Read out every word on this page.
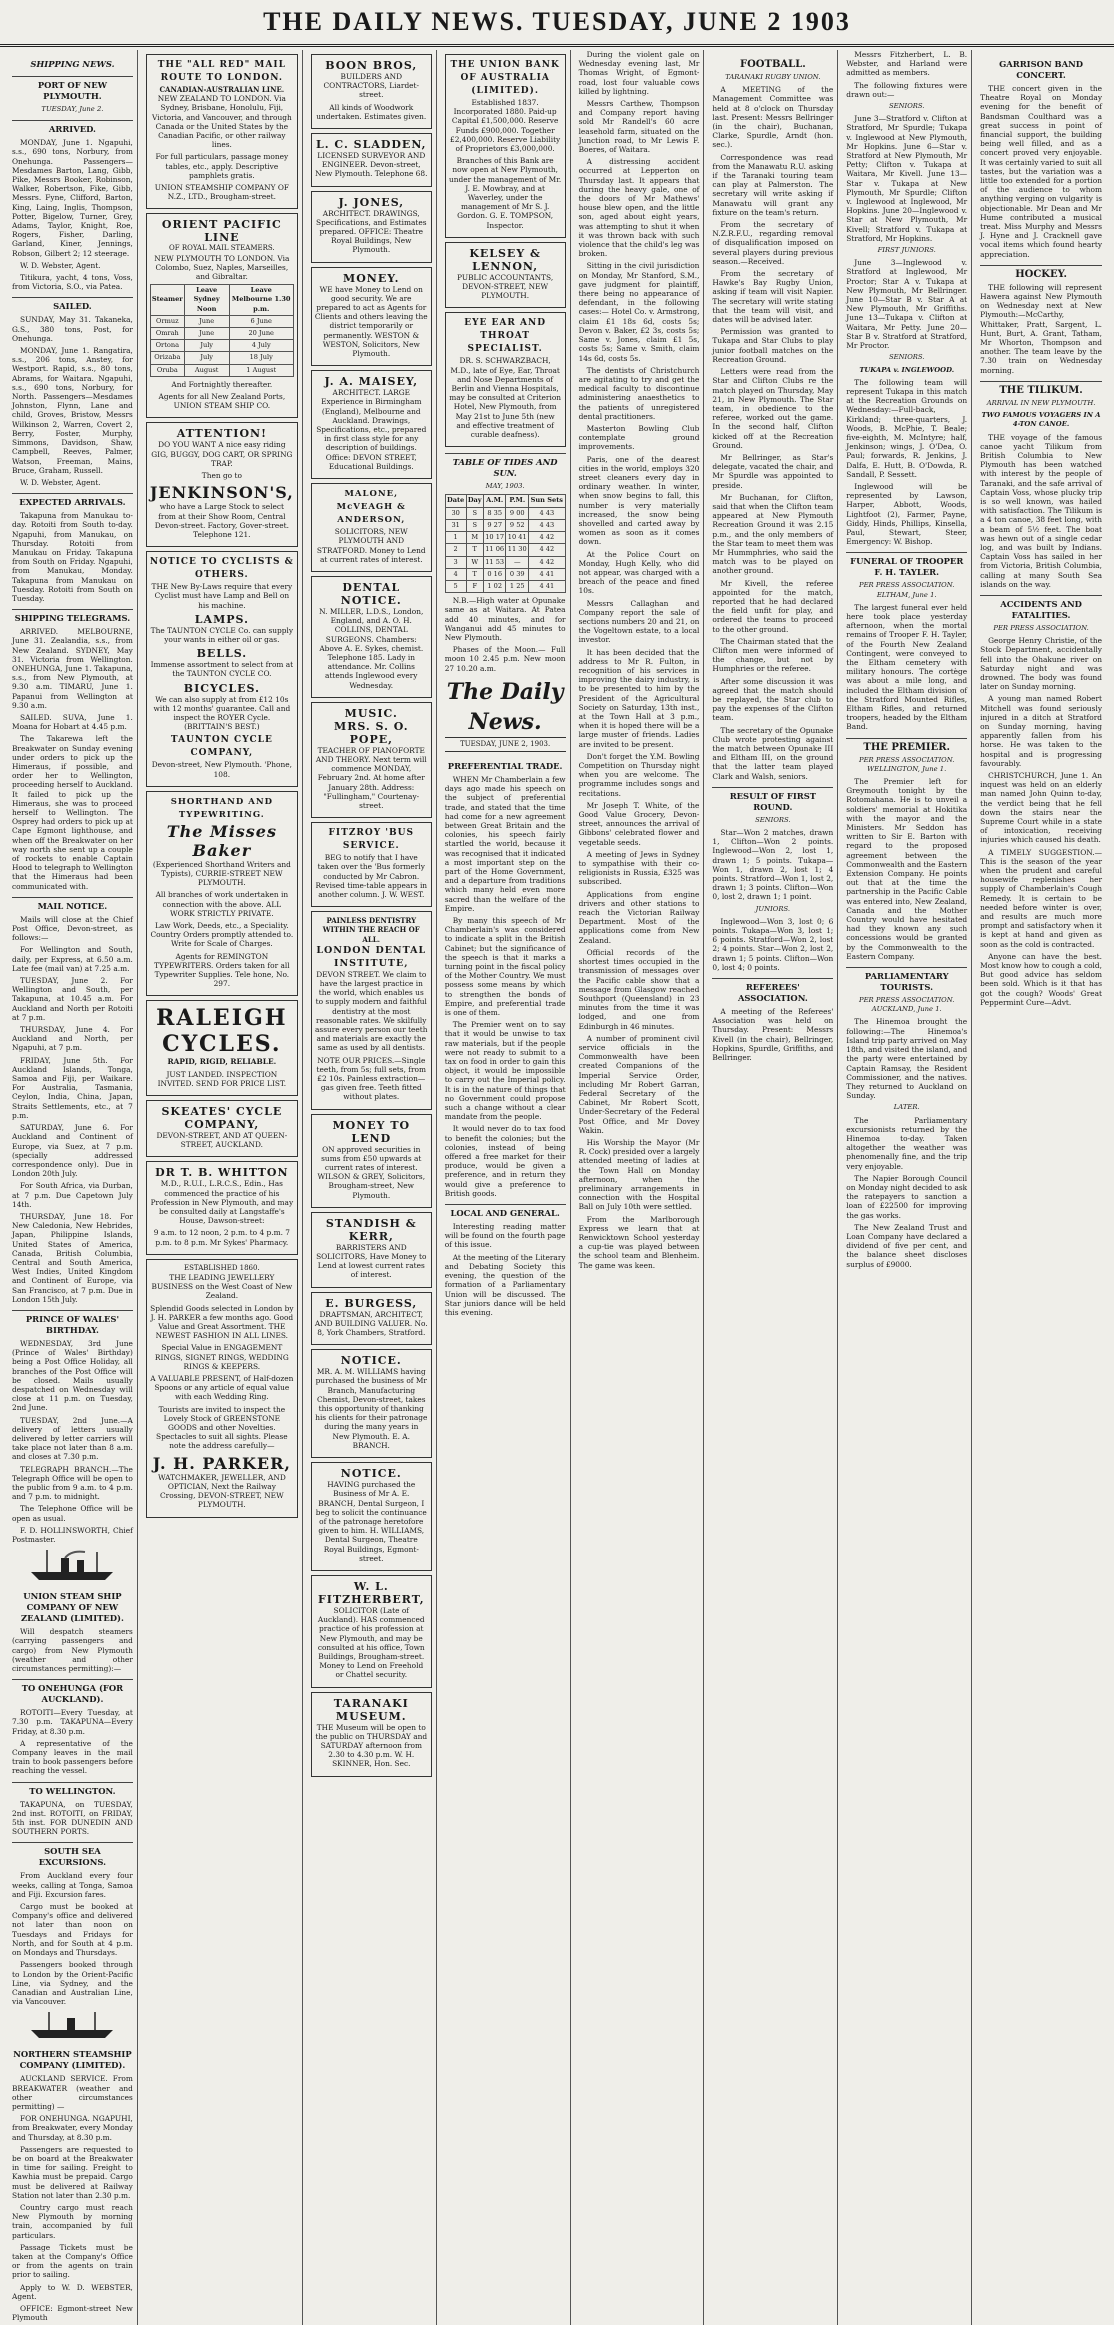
THE DAILY NEWS. TUESDAY, JUNE 2 1903
SHIPPING NEWS.
PORT OF NEW PLYMOUTH.
TUESDAY, June 2.
ARRIVED.

MONDAY, June 1. Ngapuhi, s.s., 690 tons, Norbury, from Onehunga. Passengers—Mesdames Barton, Lang, Gibb, Pike, Messrs Booker, Robinson, Walker, Robertson, Fike, Gibb, Messrs. Fyne, Clifford, Barton, King, Laing, Inglis, Thompson, Potter, Bigelow, Turner, Grey, Adams, Taylor, Knight, Roe, Rogers, Fisher, Darling, Garland, Kiner, Jennings, Robson, Gilbert 2; 12 steerage.

W. D. Webster, Agent.

Titikura, yacht, 4 tons, Voss, from Victoria, S.O., via Patea.

SAILED.

SUNDAY, May 31. Takaneka, G.S., 380 tons, Post, for Onehunga.

MONDAY, June 1. Rangatira, s.s., 206 tons, Anstey, for Westport. Rapid, s.s., 80 tons, Abrams, for Waitara. Ngapuhi, s.s., 690 tons, Norbury, for North. Passengers—Mesdames Johnston, Flynn, Lane and child, Groves, Bristow, Messrs Wilkinson 2, Warren, Covert 2, Berry, Foster, Murphy, Simmons, Davidson, Shaw, Campbell, Reeves, Palmer, Watson, Freeman, Mains, Bruce, Graham, Russell.

W. D. Webster, Agent.

EXPECTED ARRIVALS.

Takapuna from Manukau to-day. Rotoiti from South to-day. Ngapuhi, from Manukau, on Thursday. Rotoiti from Manukau on Friday. Takapuna from South on Friday. Ngapuhi, from Manukau, Monday. Takapuna from Manukau on Tuesday. Rotoiti from South on Tuesday.

SHIPPING TELEGRAMS.

ARRIVED. MELBOURNE, June 31. Zealandia, s.s., from New Zealand. SYDNEY, May 31. Victoria from Wellington. ONEHUNGA, June 1. Takapuna, s.s., from New Plymouth, at 9.30 a.m. TIMARU, June 1. Papanui from Wellington at 9.30 a.m.

SAILED. SUVA, June 1. Moana for Hobart at 4.45 p.m.

The Takarewa left the Breakwater on Sunday evening under orders to pick up the Himeraus, if possible, and order her to Wellington, proceeding herself to Auckland. It failed to pick up the Himeraus, she was to proceed herself to Wellington. The Osprey had orders to pick up at Cape Egmont lighthouse, and when off the Breakwater on her way north she sent up a couple of rockets to enable Captain Hood to telegraph to Wellington that the Himeraus had been communicated with.

MAIL NOTICE.

Mails will close at the Chief Post Office, Devon-street, as follows:—

For Wellington and South, daily, per Express, at 6.50 a.m. Late fee (mail van) at 7.25 a.m.

TUESDAY, June 2. For Wellington and South, per Takapuna, at 10.45 a.m. For Auckland and North per Rotoiti at 7 p.m.

THURSDAY, June 4. For Auckland and North, per Ngapuhi, at 7 p.m.

FRIDAY, June 5th. For Auckland Islands, Tonga, Samoa and Fiji, per Waikare. For Australia, Tasmania, Ceylon, India, China, Japan, Straits Settlements, etc., at 7 p.m.

SATURDAY, June 6. For Auckland and Continent of Europe, via Suez, at 7 p.m. (specially addressed correspondence only). Due in London 20th July.

For South Africa, via Durban, at 7 p.m. Due Capetown July 14th.

THURSDAY, June 18. For New Caledonia, New Hebrides, Japan, Philippine Islands, United States of America, Canada, British Columbia, Central and South America, West Indies, United Kingdom and Continent of Europe, via San Francisco, at 7 p.m. Due in London 15th July.

PRINCE OF WALES' BIRTHDAY.

WEDNESDAY, 3rd June (Prince of Wales' Birthday) being a Post Office Holiday, all branches of the Post Office will be closed. Mails usually despatched on Wednesday will close at 11 p.m. on Tuesday, 2nd June.

TUESDAY, 2nd June.—A delivery of letters usually delivered by letter carriers will take place not later than 8 a.m. and closes at 7.30 p.m.

TELEGRAPH BRANCH.—The Telegraph Office will be open to the public from 9 a.m. to 4 p.m. and 7 p.m. to midnight.

The Telephone Office will be open as usual.

F. D. HOLLINSWORTH, Chief Postmaster.

UNION STEAM SHIP COMPANY OF NEW ZEALAND (LIMITED).

Will despatch steamers (carrying passengers and cargo) from New Plymouth (weather and other circumstances permitting):—

TO ONEHUNGA (FOR AUCKLAND).

ROTOITI—Every Tuesday, at 7.30 p.m. TAKAPUNA—Every Friday, at 8.30 p.m.

A representative of the Company leaves in the mail train to book passengers before reaching the vessel.

TO WELLINGTON.

TAKAPUNA, on TUESDAY, 2nd inst. ROTOITI, on FRIDAY, 5th inst. FOR DUNEDIN AND SOUTHERN PORTS.

SOUTH SEA EXCURSIONS.

From Auckland every four weeks, calling at Tonga, Samoa and Fiji. Excursion fares.

Cargo must be booked at Company's office and delivered not later than noon on Tuesdays and Fridays for North, and for South at 4 p.m. on Mondays and Thursdays.

Passengers booked through to London by the Orient-Pacific Line, via Sydney, and the Canadian and Australian Line, via Vancouver.

NORTHERN STEAMSHIP COMPANY (LIMITED).

AUCKLAND SERVICE. From BREAKWATER (weather and other circumstances permitting) —

FOR ONEHUNGA. NGAPUHI, from Breakwater, every Monday and Thursday, at 8.30 p.m.

Passengers are requested to be on board at the Breakwater in time for sailing. Freight to Kawhia must be prepaid. Cargo must be delivered at Railway Station not later than 2.30 p.m.

Country cargo must reach New Plymouth by morning train, accompanied by full particulars.

Passage Tickets must be taken at the Company's Office or from the agents on train prior to sailing.

Apply to W. D. WEBSTER, Agent.

OFFICE: Egmont-street New Plymouth

THE "ALL RED" MAIL ROUTE TO LONDON.
CANADIAN-AUSTRALIAN LINE.

NEW ZEALAND TO LONDON. Via Sydney, Brisbane, Honolulu, Fiji, Victoria, and Vancouver, and through Canada or the United States by the Canadian Pacific, or other railway lines.

For full particulars, passage money tables, etc., apply. Descriptive pamphlets gratis.

UNION STEAMSHIP COMPANY OF N.Z., LTD., Brougham-street.

ORIENT PACIFIC LINE
OF ROYAL MAIL STEAMERS.

NEW PLYMOUTH TO LONDON. Via Colombo, Suez, Naples, Marseilles, and Gibraltar.

Steamer	Leave Sydney Noon	Leave Melbourne 1.30 p.m.
Ormuz	June	6 June
Omrah	June	20 June
Ortona	July	4 July
Orizaba	July	18 July
Oruba	August	1 August

And Fortnightly thereafter.

Agents for all New Zealand Ports, UNION STEAM SHIP CO.

ATTENTION!

DO YOU WANT A nice easy riding GIG, BUGGY, DOG CART, OR SPRING TRAP.

Then go to

JENKINSON'S,

who have a Large Stock to select from at their Show Room, Central Devon-street. Factory, Gover-street. Telephone 121.

NOTICE TO CYCLISTS & OTHERS.

THE New By-Laws require that every Cyclist must have Lamp and Bell on his machine.

LAMPS.

The TAUNTON CYCLE Co. can supply your wants in either oil or gas.

BELLS.

Immense assortment to select from at the TAUNTON CYCLE CO.

BICYCLES.

We can also supply at from £12 10s with 12 months' guarantee. Call and inspect the ROYER Cycle. (BRITTAIN'S BEST.)

TAUNTON CYCLE COMPANY,

Devon-street, New Plymouth. 'Phone, 108.

SHORTHAND AND TYPEWRITING.
The Misses Baker

(Experienced Shorthand Writers and Typists), CURRIE-STREET NEW PLYMOUTH.

All branches of work undertaken in connection with the above. ALL WORK STRICTLY PRIVATE.

Law Work, Deeds, etc., a Speciality. Country Orders promptly attended to. Write for Scale of Charges.

Agents for REMINGTON TYPEWRITERS. Orders taken for all Typewriter Supplies. Tele hone, No. 297.

RALEIGH
CYCLES.

RAPID, RIGID, RELIABLE.

JUST LANDED. INSPECTION INVITED. SEND FOR PRICE LIST.

SKEATES' CYCLE COMPANY,

DEVON-STREET, AND AT QUEEN-STREET, AUCKLAND.

DR T. B. WHITTON

M.D., R.U.I., L.R.C.S., Edin., Has commenced the practice of his Profession in New Plymouth, and may be consulted daily at Langstaffe's House, Dawson-street:

9 a.m. to 12 noon, 2 p.m. to 4 p.m. 7 p.m. to 8 p.m. Mr Sykes' Pharmacy.

ESTABLISHED 1860.

THE LEADING JEWELLERY BUSINESS on the West Coast of New Zealand.

Splendid Goods selected in London by J. H. PARKER a few months ago. Good Value and Great Assortment. THE NEWEST FASHION IN ALL LINES.

Special Value in ENGAGEMENT RINGS, SIGNET RINGS, WEDDING RINGS & KEEPERS.

A VALUABLE PRESENT, of Half-dozen Spoons or any article of equal value with each Wedding Ring.

Tourists are invited to inspect the Lovely Stock of GREENSTONE GOODS and other Novelties. Spectacles to suit all sights. Please note the address carefully—

J. H. PARKER,

WATCHMAKER, JEWELLER, AND OPTICIAN, Next the Railway Crossing, DEVON-STREET, NEW PLYMOUTH.

BOON BROS,

BUILDERS AND CONTRACTORS, Liardet-street.

All kinds of Woodwork undertaken. Estimates given.

L. C. SLADDEN,

LICENSED SURVEYOR AND ENGINEER. Devon-street, New Plymouth. Telephone 68.

J. JONES,

ARCHITECT. DRAWINGS, Specifications, and Estimates prepared. OFFICE: Theatre Royal Buildings, New Plymouth.

MONEY.

WE have Money to Lend on good security. We are prepared to act as Agents for Clients and others leaving the district temporarily or permanently. WESTON & WESTON, Solicitors, New Plymouth.

J. A. MAISEY,

ARCHITECT. LARGE Experience in Birmingham (England), Melbourne and Auckland. Drawings, Specifications, etc., prepared in first class style for any description of buildings. Office: DEVON STREET, Educational Buildings.

MALONE, McVEAGH & ANDERSON,

SOLICITORS, NEW PLYMOUTH AND STRATFORD. Money to Lend at current rates of interest.

DENTAL NOTICE.

N. MILLER, L.D.S., London, England, and A. O. H. COLLINS, DENTAL SURGEONS. Chambers: Above A. E. Sykes, chemist. Telephone 185. Lady in attendance. Mr. Collins attends Inglewood every Wednesday.

MUSIC.
MRS. S. O. POPE,

TEACHER OF PIANOFORTE AND THEORY. Next term will commence MONDAY, February 2nd. At home after January 28th. Address: "Fullingham," Courtenay-street.

FITZROY 'BUS SERVICE.

BEG to notify that I have taken over the 'Bus formerly conducted by Mr Cabron. Revised time-table appears in another column. J. W. WEST.

PAINLESS DENTISTRY WITHIN THE REACH OF ALL.
LONDON DENTAL INSTITUTE,

DEVON STREET. We claim to have the largest practice in the world, which enables us to supply modern and faithful dentistry at the most reasonable rates. We skilfully assure every person our teeth and materials are exactly the same as used by all dentists.

NOTE OUR PRICES.—Single teeth, from 5s; full sets, from £2 10s. Painless extraction—gas given free. Teeth fitted without plates.

MONEY TO LEND

ON approved securities in sums from £50 upwards at current rates of interest. WILSON & GREY, Solicitors, Brougham-street, New Plymouth.

STANDISH & KERR,

BARRISTERS AND SOLICITORS, Have Money to Lend at lowest current rates of interest.

E. BURGESS,

DRAFTSMAN, ARCHITECT, AND BUILDING VALUER. No. 8, York Chambers, Stratford.

NOTICE.

MR. A. M. WILLIAMS having purchased the business of Mr Branch, Manufacturing Chemist, Devon-street, takes this opportunity of thanking his clients for their patronage during the many years in New Plymouth. E. A. BRANCH.

NOTICE.

HAVING purchased the Business of Mr A. E. BRANCH, Dental Surgeon, I beg to solicit the continuance of the patronage heretofore given to him. H. WILLIAMS, Dental Surgeon, Theatre Royal Buildings, Egmont-street.

W. L. FITZHERBERT,

SOLICITOR (Late of Auckland). HAS commenced practice of his profession at New Plymouth, and may be consulted at his office, Town Buildings, Brougham-street. Money to Lend on Freehold or Chattel security.

TARANAKI MUSEUM.

THE Museum will be open to the public on THURSDAY and SATURDAY afternoon from 2.30 to 4.30 p.m. W. H. SKINNER, Hon. Sec.

THE UNION BANK OF AUSTRALIA (LIMITED).

Established 1837. Incorporated 1880. Paid-up Capital £1,500,000. Reserve Funds £900,000. Together £2,400,000. Reserve Liability of Proprietors £3,000,000.

Branches of this Bank are now open at New Plymouth, under the management of Mr. J. E. Mowbray, and at Waverley, under the management of Mr S. J. Gordon. G. E. TOMPSON, Inspector.

KELSEY & LENNON,

PUBLIC ACCOUNTANTS, DEVON-STREET, NEW PLYMOUTH.

EYE EAR AND THROAT SPECIALIST.

DR. S. SCHWARZBACH, M.D., late of Eye, Ear, Throat and Nose Departments of Berlin and Vienna Hospitals, may be consulted at Criterion Hotel, New Plymouth, from May 21st to June 5th (new and effective treatment of curable deafness).

TABLE OF TIDES AND SUN.
MAY, 1903.
Date	Day	A.M.	P.M.	Sun Sets
30	S	8 35	9 00	4 43
31	S	9 27	9 52	4 43
1	M	10 17	10 41	4 42
2	T	11 06	11 30	4 42
3	W	11 53	—	4 42
4	T	0 16	0 39	4 41
5	F	1 02	1 25	4 41

N.B.—High water at Opunake same as at Waitara. At Patea add 40 minutes, and for Wanganui add 45 minutes to New Plymouth.

Phases of the Moon.— Full moon 10 2.45 p.m. New moon 27 10.20 a.m.

The Daily News.
TUESDAY, JUNE 2, 1903.
PREFERENTIAL TRADE.

WHEN Mr Chamberlain a few days ago made his speech on the subject of preferential trade, and stated that the time had come for a new agreement between Great Britain and the colonies, his speech fairly startled the world, because it was recognised that it indicated a most important step on the part of the Home Government, and a departure from traditions which many held even more sacred than the welfare of the Empire.

By many this speech of Mr Chamberlain's was considered to indicate a split in the British Cabinet; but the significance of the speech is that it marks a turning point in the fiscal policy of the Mother Country. We must possess some means by which to strengthen the bonds of Empire, and preferential trade is one of them.

The Premier went on to say that it would be unwise to tax raw materials, but if the people were not ready to submit to a tax on food in order to gain this object, it would be impossible to carry out the Imperial policy. It is in the nature of things that no Government could propose such a change without a clear mandate from the people.

It would never do to tax food to benefit the colonies; but the colonies, instead of being offered a free market for their produce, would be given a preference, and in return they would give a preference to British goods.

LOCAL AND GENERAL.

Interesting reading matter will be found on the fourth page of this issue.

At the meeting of the Literary and Debating Society this evening, the question of the formation of a Parliamentary Union will be discussed. The Star juniors dance will be held this evening.

During the violent gale on Wednesday evening last, Mr Thomas Wright, of Egmont-road, lost four valuable cows killed by lightning.

Messrs Carthew, Thompson and Company report having sold Mr Randell's 60 acre leasehold farm, situated on the Junction road, to Mr Lewis F. Boeres, of Waitara.

A distressing accident occurred at Lepperton on Thursday last. It appears that during the heavy gale, one of the doors of Mr Mathews' house blew open, and the little son, aged about eight years, was attempting to shut it when it was thrown back with such violence that the child's leg was broken.

Sitting in the civil jurisdiction on Monday, Mr Stanford, S.M., gave judgment for plaintiff, there being no appearance of defendant, in the following cases:— Hotel Co. v. Armstrong, claim £1 18s 6d, costs 5s; Devon v. Baker, £2 3s, costs 5s; Same v. Jones, claim £1 5s, costs 5s; Same v. Smith, claim 14s 6d, costs 5s.

The dentists of Christchurch are agitating to try and get the medical faculty to discontinue administering anaesthetics to the patients of unregistered dental practitioners.

Masterton Bowling Club contemplate ground improvements.

Paris, one of the dearest cities in the world, employs 320 street cleaners every day in ordinary weather. In winter, when snow begins to fall, this number is very materially increased, the snow being shovelled and carted away by women as soon as it comes down.

At the Police Court on Monday, Hugh Kelly, who did not appear, was charged with a breach of the peace and fined 10s.

Messrs Callaghan and Company report the sale of sections numbers 20 and 21, on the Vogeltown estate, to a local investor.

It has been decided that the address to Mr R. Fulton, in recognition of his services in improving the dairy industry, is to be presented to him by the President of the Agricultural Society on Saturday, 13th inst., at the Town Hall at 3 p.m., when it is hoped there will be a large muster of friends. Ladies are invited to be present.

Don't forget the Y.M. Bowling Competition on Thursday night when you are welcome. The programme includes songs and recitations.

Mr Joseph T. White, of the Good Value Grocery, Devon-street, announces the arrival of Gibbons' celebrated flower and vegetable seeds.

A meeting of Jews in Sydney to sympathise with their co-religionists in Russia, £325 was subscribed.

Applications from engine drivers and other stations to reach the Victorian Railway Department. Most of the applications come from New Zealand.

Official records of the shortest times occupied in the transmission of messages over the Pacific cable show that a message from Glasgow reached Southport (Queensland) in 23 minutes from the time it was lodged, and one from Edinburgh in 46 minutes.

A number of prominent civil service officials in the Commonwealth have been created Companions of the Imperial Service Order, including Mr Robert Garran, Federal Secretary of the Cabinet, Mr Robert Scott, Under-Secretary of the Federal Post Office, and Mr Dovey Wakin.

His Worship the Mayor (Mr R. Cock) presided over a largely attended meeting of ladies at the Town Hall on Monday afternoon, when the preliminary arrangements in connection with the Hospital Ball on July 10th were settled.

From the Marlborough Express we learn that at Renwicktown School yesterday a cup-tie was played between the school team and Blenheim. The game was keen.

FOOTBALL.
TARANAKI RUGBY UNION.

A MEETING of the Management Committee was held at 8 o'clock on Thursday last. Present: Messrs Bellringer (in the chair), Buchanan, Clarke, Spurdle, Arndt (hon. sec.).

Correspondence was read from the Manawatu R.U. asking if the Taranaki touring team can play at Palmerston. The secretary will write asking if Manawatu will grant any fixture on the team's return.

From the secretary of N.Z.R.F.U., regarding removal of disqualification imposed on several players during previous season.—Received.

From the secretary of Hawke's Bay Rugby Union, asking if team will visit Napier. The secretary will write stating that the team will visit, and dates will be advised later.

Permission was granted to Tukapa and Star Clubs to play junior football matches on the Recreation Ground.

Letters were read from the Star and Clifton Clubs re the match played on Thursday, May 21, in New Plymouth. The Star team, in obedience to the referee, worked out the game. In the second half, Clifton kicked off at the Recreation Ground.

Mr Bellringer, as Star's delegate, vacated the chair, and Mr Spurdle was appointed to preside.

Mr Buchanan, for Clifton, said that when the Clifton team appeared at New Plymouth Recreation Ground it was 2.15 p.m., and the only members of the Star team to meet them was Mr Hummphries, who said the match was to be played on another ground.

Mr Kivell, the referee appointed for the match, reported that he had declared the field unfit for play, and ordered the teams to proceed to the other ground.

The Chairman stated that the Clifton men were informed of the change, but not by Humphries or the referee.

After some discussion it was agreed that the match should be replayed, the Star club to pay the expenses of the Clifton team.

The secretary of the Opunake Club wrote protesting against the match between Opunake III and Eltham III, on the ground that the latter team played Clark and Walsh, seniors.

RESULT OF FIRST ROUND.
SENIORS.

Star—Won 2 matches, drawn 1, Clifton—Won 2 points. Inglewood—Won 2, lost 1, drawn 1; 5 points. Tukapa—Won 1, drawn 2, lost 1; 4 points. Stratford—Won 1, lost 2, drawn 1; 3 points. Clifton—Won 0, lost 2, drawn 1; 1 point.

JUNIORS.

Inglewood—Won 3, lost 0; 6 points. Tukapa—Won 3, lost 1; 6 points. Stratford—Won 2, lost 2; 4 points. Star—Won 2, lost 2, drawn 1; 5 points. Clifton—Won 0, lost 4; 0 points.

REFEREES' ASSOCIATION.

A meeting of the Referees' Association was held on Thursday. Present: Messrs Kivell (in the chair), Bellringer, Hopkins, Spurdle, Griffiths, and Bellringer.

Messrs Fitzherbert, L. B. Webster, and Harland were admitted as members.

The following fixtures were drawn out:—

SENIORS.

June 3—Stratford v. Clifton at Stratford, Mr Spurdle; Tukapa v. Inglewood at New Plymouth, Mr Hopkins. June 6—Star v. Stratford at New Plymouth, Mr Petty; Clifton v. Tukapa at Waitara, Mr Kivell. June 13—Star v. Tukapa at New Plymouth, Mr Spurdle; Clifton v. Inglewood at Inglewood, Mr Hopkins. June 20—Inglewood v. Star at New Plymouth, Mr Kivell; Stratford v. Tukapa at Stratford, Mr Hopkins.

FIRST JUNIORS.

June 3—Inglewood v. Stratford at Inglewood, Mr Proctor; Star A v. Tukapa at New Plymouth, Mr Bellringer. June 10—Star B v. Star A at New Plymouth, Mr Griffiths. June 13—Tukapa v. Clifton at Waitara, Mr Petty. June 20—Star B v. Stratford at Stratford, Mr Proctor.

SENIORS.
TUKAPA v. INGLEWOOD.

The following team will represent Tukapa in this match at the Recreation Grounds on Wednesday:—Full-back, Kirkland; three-quarters, J. Woods, B. McPhie, T. Beale; five-eighth, M. McIntyre; half, Jenkinson; wings, J. O'Dea, O. Paul; forwards, R. Jenkins, J. Dalfa, E. Hutt, B. O'Dowda, R. Sandall, P. Sessett.

Inglewood will be represented by Lawson, Harper, Abbott, Woods, Lightfoot (2), Farmer, Payne, Giddy, Hinds, Phillips, Kinsella, Paul, Stewart, Steer, Emergency: W. Bishop.

FUNERAL OF TROOPER F. H. TAYLER.
PER PRESS ASSOCIATION. ELTHAM, June 1.

The largest funeral ever held here took place yesterday afternoon, when the mortal remains of Trooper F. H. Tayler, of the Fourth New Zealand Contingent, were conveyed to the Eltham cemetery with military honours. The cortège was about a mile long, and included the Eltham division of the Stratford Mounted Rifles, Eltham Rifles, and returned troopers, headed by the Eltham Band.

THE PREMIER.
PER PRESS ASSOCIATION. WELLINGTON, June 1.

The Premier left for Greymouth tonight by the Rotomahana. He is to unveil a soldiers' memorial at Hokitika with the mayor and the Ministers. Mr Seddon has written to Sir E. Barton with regard to the proposed agreement between the Commonwealth and the Eastern Extension Company. He points out that at the time the partnership in the Pacific Cable was entered into, New Zealand, Canada and the Mother Country would have hesitated had they known any such concessions would be granted by the Commonwealth to the Eastern Company.

PARLIAMENTARY TOURISTS.
PER PRESS ASSOCIATION. AUCKLAND, June 1.

The Hinemoa brought the following:—The Hinemoa's Island trip party arrived on May 18th, and visited the island, and the party were entertained by Captain Ramsay, the Resident Commissioner, and the natives. They returned to Auckland on Sunday.

LATER.

The Parliamentary excursionists returned by the Hinemoa to-day. Taken altogether the weather was phenomenally fine, and the trip very enjoyable.

The Napier Borough Council on Monday night decided to ask the ratepayers to sanction a loan of £22500 for improving the gas works.

The New Zealand Trust and Loan Company have declared a dividend of five per cent, and the balance sheet discloses surplus of £9000.

GARRISON BAND CONCERT.

THE concert given in the Theatre Royal on Monday evening for the benefit of Bandsman Coulthard was a great success in point of financial support, the building being well filled, and as a concert proved very enjoyable. It was certainly varied to suit all tastes, but the variation was a little too extended for a portion of the audience to whom anything verging on vulgarity is objectionable. Mr Dean and Mr Hume contributed a musical treat. Miss Murphy and Messrs J. Hyne and J. Cracknell gave vocal items which found hearty appreciation.

HOCKEY.

THE following will represent Hawera against New Plymouth on Wednesday next at New Plymouth:—McCarthy, Whittaker, Pratt, Sargent, L. Hunt, Burt, A. Grant, Tatham, Mr Whorton, Thompson and another. The team leave by the 7.30 train on Wednesday morning.

THE TILIKUM.
ARRIVAL IN NEW PLYMOUTH.
TWO FAMOUS VOYAGERS IN A 4-TON CANOE.

THE voyage of the famous canoe yacht Tilikum from British Columbia to New Plymouth has been watched with interest by the people of Taranaki, and the safe arrival of Captain Voss, whose plucky trip is so well known, was hailed with satisfaction. The Tilikum is a 4 ton canoe, 38 feet long, with a beam of 5½ feet. The boat was hewn out of a single cedar log, and was built by Indians. Captain Voss has sailed in her from Victoria, British Columbia, calling at many South Sea islands on the way.

ACCIDENTS AND FATALITIES.
PER PRESS ASSOCIATION.

George Henry Christie, of the Stock Department, accidentally fell into the Ohakune river on Saturday night and was drowned. The body was found later on Sunday morning.

A young man named Robert Mitchell was found seriously injured in a ditch at Stratford on Sunday morning, having apparently fallen from his horse. He was taken to the hospital and is progressing favourably.

CHRISTCHURCH, June 1. An inquest was held on an elderly man named John Quinn to-day, the verdict being that he fell down the stairs near the Supreme Court while in a state of intoxication, receiving injuries which caused his death.

A TIMELY SUGGESTION.—This is the season of the year when the prudent and careful housewife replenishes her supply of Chamberlain's Cough Remedy. It is certain to be needed before winter is over, and results are much more prompt and satisfactory when it is kept at hand and given as soon as the cold is contracted.

Anyone can have the best. Most know how to cough a cold, But good advice has seldom been sold. Which is it that has got the cough? Woods' Great Peppermint Cure—Advt.
